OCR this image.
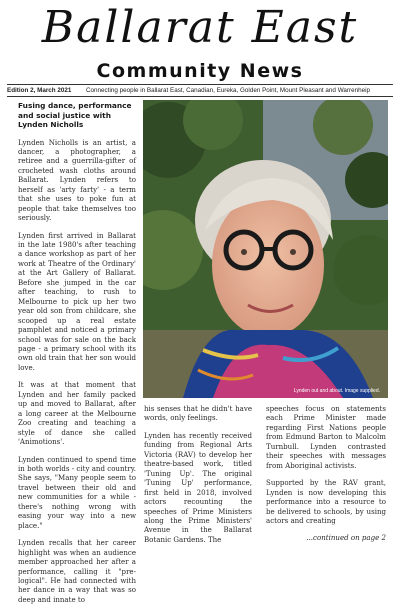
Ballarat East
Community News
Edition 2, March 2021 Connecting people in Ballarat East, Canadian, Eureka, Golden Point, Mount Pleasant and Warrenheip

Fusing dance, performance and social justice with Lynden Nicholls

Lynden Nicholls is an artist, a dancer, a photographer, a retiree and a guerrilla-gifter of crocheted wash cloths around Ballarat. Lynden refers to herself as 'arty farty' - a term that she uses to poke fun at people that take themselves too seriously.

Lynden first arrived in Ballarat in the late 1980's after teaching a dance workshop as part of her work at Theatre of the Ordinary' at the Art Gallery of Ballarat. Before she jumped in the car after teaching, to rush to Melbourne to pick up her two year old son from childcare, she scooped up a real estate pamphlet and noticed a primary school was for sale on the back page - a primary school with its own old train that her son would love.

It was at that moment that Lynden and her family packed up and moved to Ballarat, after a long career at the Melbourne Zoo creating and teaching a style of dance she called 'Animotions'.

Lynden continued to spend time in both worlds - city and country. She says, "Many people seem to travel between their old and new communities for a while - there's nothing wrong with easing your way into a new place."

Lynden recalls that her career highlight was when an audience member approached her after a performance, calling it "pre-logical". He had connected with her dance in a way that was so deep and innate to

Lynden out and about. Image supplied.

his senses that he didn't have words, only feelings.

Lynden has recently received funding from Regional Arts Victoria (RAV) to develop her theatre-based work, titled 'Tuning Up'. The original 'Tuning Up' performance, first held in 2018, involved actors recounting the speeches of Prime Ministers along the Prime Ministers' Avenue in the Ballarat Botanic Gardens. The

speeches focus on statements each Prime Minister made regarding First Nations people from Edmund Barton to Malcolm Turnbull. Lynden contrasted their speeches with messages from Aboriginal activists.

Supported by the RAV grant, Lynden is now developing this performance into a resource to be delivered to schools, by using actors and creating

...continued on page 2
